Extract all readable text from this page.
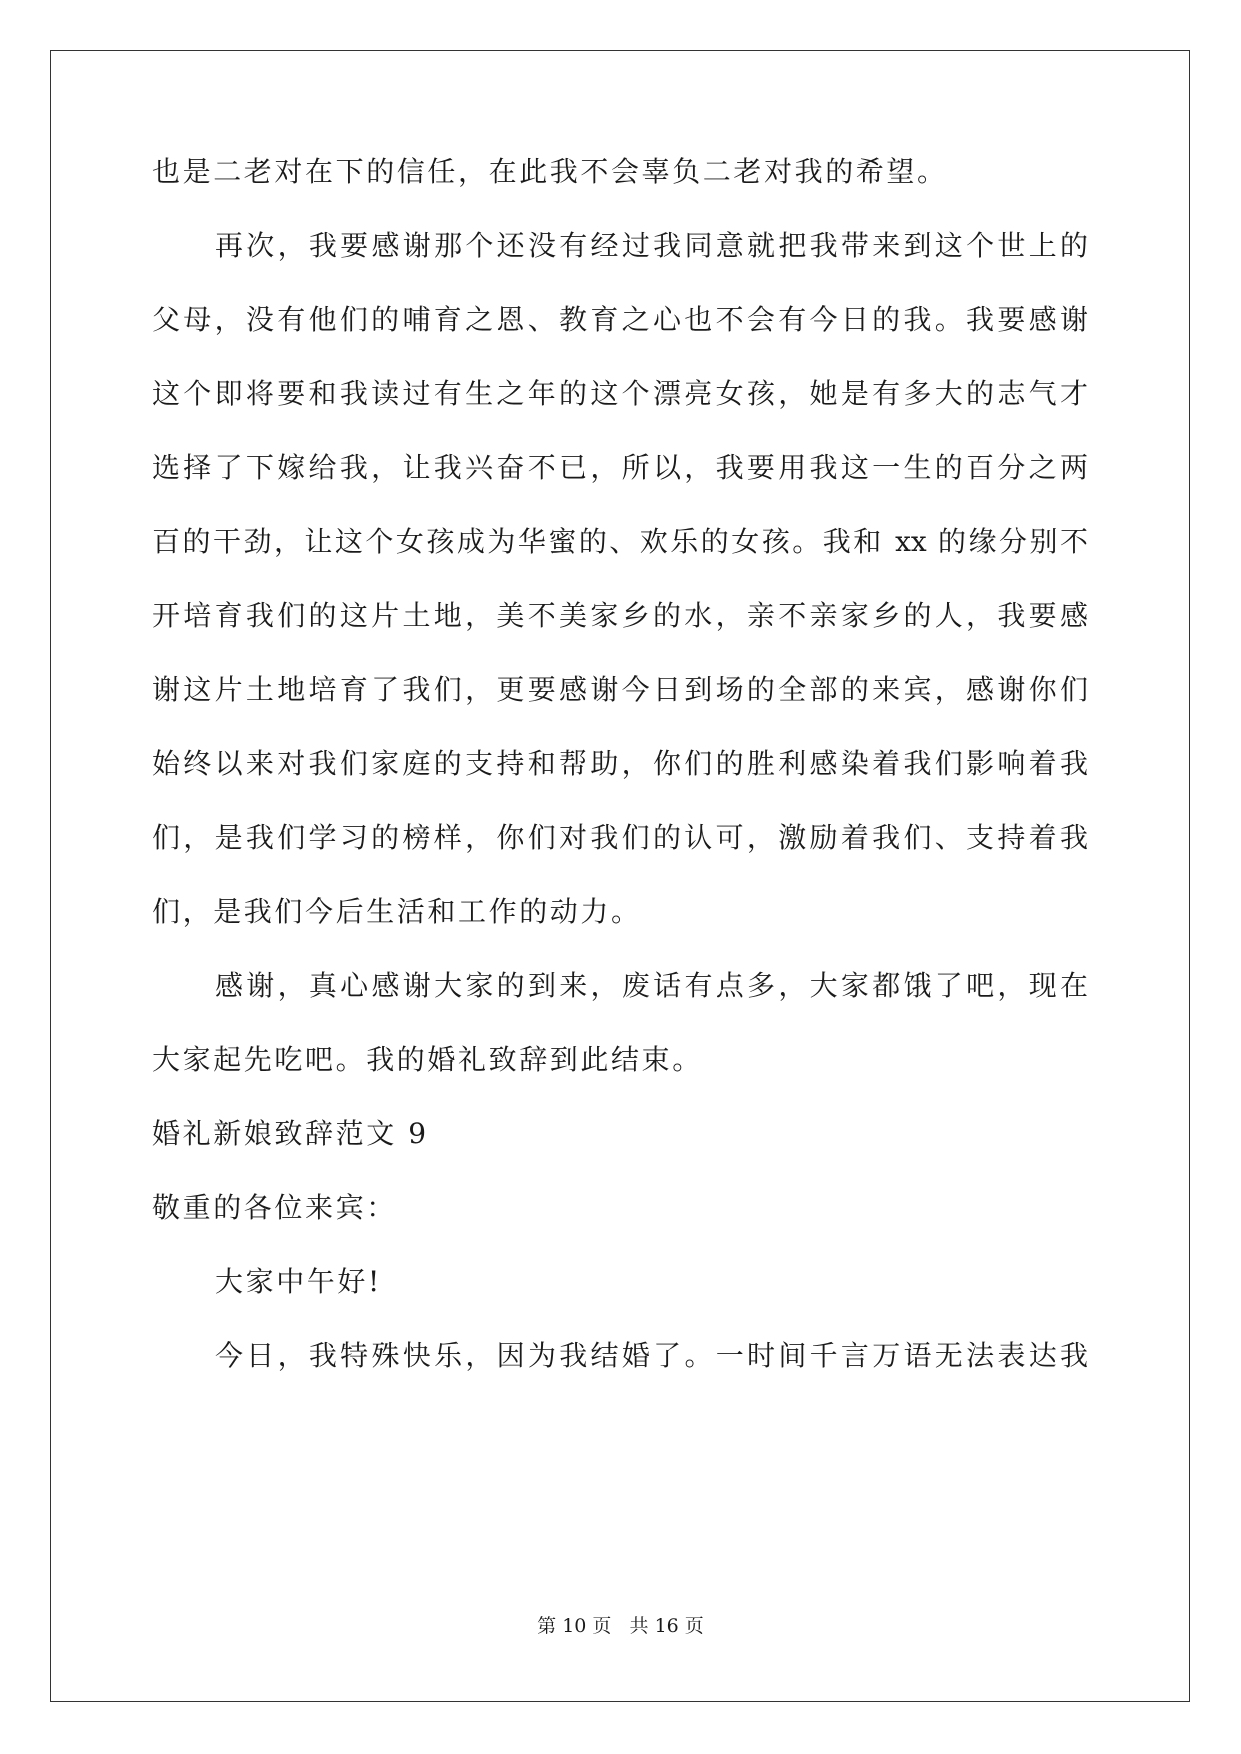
也是二老对在下的信任，在此我不会辜负二老对我的希望。
再次，我要感谢那个还没有经过我同意就把我带来到这个世上的
父母，没有他们的哺育之恩、教育之心也不会有今日的我。我要感谢
这个即将要和我读过有生之年的这个漂亮女孩，她是有多大的志气才
选择了下嫁给我，让我兴奋不已，所以，我要用我这一生的百分之两
百的干劲，让这个女孩成为华蜜的、欢乐的女孩。我和 xx 的缘分别不
开培育我们的这片土地，美不美家乡的水，亲不亲家乡的人，我要感
谢这片土地培育了我们，更要感谢今日到场的全部的来宾，感谢你们
始终以来对我们家庭的支持和帮助，你们的胜利感染着我们影响着我
们，是我们学习的榜样，你们对我们的认可，激励着我们、支持着我
们，是我们今后生活和工作的动力。
感谢，真心感谢大家的到来，废话有点多，大家都饿了吧，现在
大家起先吃吧。我的婚礼致辞到此结束。
婚礼新娘致辞范文 9
敬重的各位来宾：
大家中午好!
今日，我特殊快乐，因为我结婚了。一时间千言万语无法表达我
第 10 页   共 16 页
